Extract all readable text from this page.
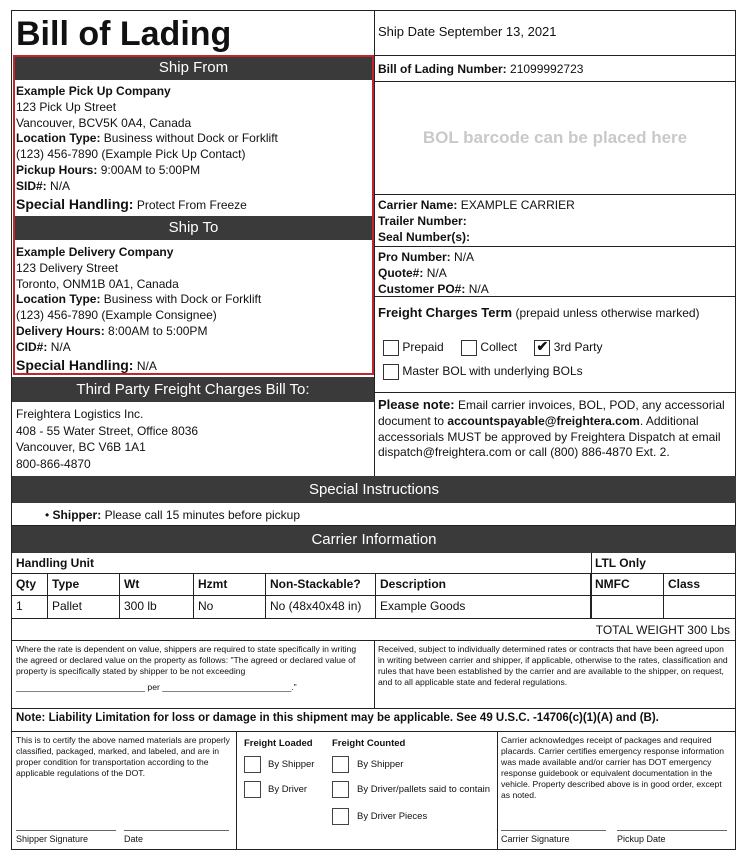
Bill of Lading	Ship Date September 13, 2021
Bill of Lading Number: 21099992723
BOL barcode can be placed here
Carrier Name: EXAMPLE CARRIER
Trailer Number:
Seal Number(s):
Pro Number: N/A
Quote#: N/A
Customer PO#: N/A
Freight Charges Term (prepaid unless otherwise marked)
Prepaid	Collect ✔ 3rd Party
Master BOL with underlying BOLs
Please note: Email carrier invoices, BOL, POD, any accessorial document to accountspayable@freightera.com. Additional accessorials MUST be approved by Freightera Dispatch at email dispatch@freightera.com or call (800) 886-4870 Ext. 2.
Ship From
Example Pick Up Company
123 Pick Up Street
Vancouver, BCV5K 0A4, Canada
Location Type: Business without Dock or Forklift
(123) 456-7890 (Example Pick Up Contact)
Pickup Hours: 9:00AM to 5:00PM
SID#: N/A
Special Handling: Protect From Freeze
Ship To
Example Delivery Company
123 Delivery Street
Toronto, ONM1B 0A1, Canada
Location Type: Business with Dock or Forklift
(123) 456-7890 (Example Consignee)
Delivery Hours: 8:00AM to 5:00PM
CID#: N/A
Special Handling: N/A
Third Party Freight Charges Bill To:
Freightera Logistics Inc.
408 - 55 Water Street, Office 8036
Vancouver, BC V6B 1A1
800-866-4870
Special Instructions
• Shipper: Please call 15 minutes before pickup
Carrier Information
Handling Unit	LTL Only
Qty	Type	Wt	Hzmt	Non-Stackable?	Description	NMFC	Class
1	Pallet	300 lb	No	No (48x40x48 in)	Example Goods
TOTAL WEIGHT 300 Lbs
Where the rate is dependent on value, shippers are required to state specifically in writing the agreed or declared value on the property as follows: "The agreed or declared value of property is specifically stated by shipper to be not exceeding
___________________________ per ___________________________."
Received, subject to individually determined rates or contracts that have been agreed upon in writing between carrier and shipper, if applicable, otherwise to the rates, classification and rules that have been established by the carrier and are available to the shipper, on request, and to all applicable state and federal regulations.
Note: Liability Limitation for loss or damage in this shipment may be applicable. See 49 U.S.C. -14706(c)(1)(A) and (B).
This is to certify the above named materials are properly classified, packaged, marked, and labeled, and are in proper condition for transportation according to the applicable regulations of the DOT.
Freight Loaded
By Shipper
By Driver
Freight Counted
By Shipper
By Driver/pallets said to contain
By Driver Pieces
Carrier acknowledges receipt of packages and required placards. Carrier certifies emergency response information was made available and/or carrier has DOT emergency response guidebook or equivalent documentation in the vehicle. Property described above is in good order, except as noted.
Shipper Signature	Date	Carrier Signature	Pickup Date
